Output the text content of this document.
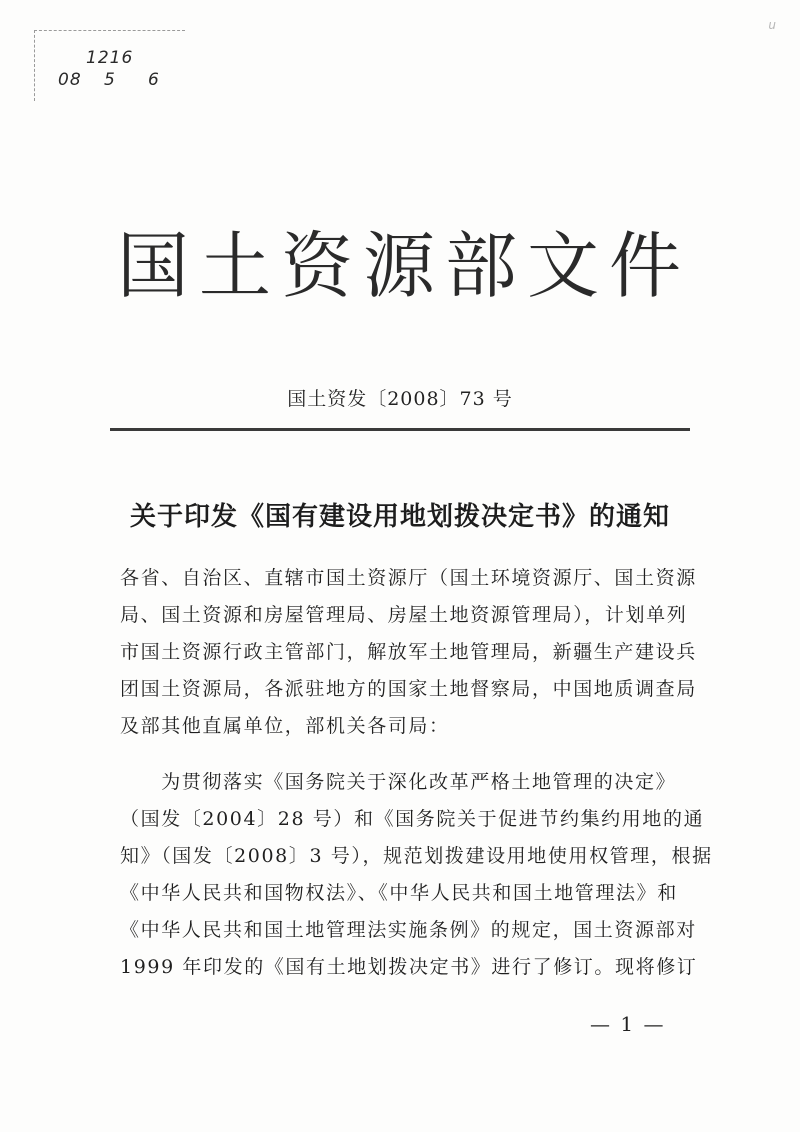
1216
08 5 6
u
国土资源部文件
国土资发〔2008〕73 号
关于印发《国有建设用地划拨决定书》的通知
各省、自治区、直辖市国土资源厅（国土环境资源厅、国土资源
局、国土资源和房屋管理局、房屋土地资源管理局），计划单列
市国土资源行政主管部门，解放军土地管理局，新疆生产建设兵
团国土资源局，各派驻地方的国家土地督察局，中国地质调查局
及部其他直属单位，部机关各司局：
　　为贯彻落实《国务院关于深化改革严格土地管理的决定》
（国发〔2004〕28 号）和《国务院关于促进节约集约用地的通
知》（国发〔2008〕3 号），规范划拨建设用地使用权管理，根据
《中华人民共和国物权法》、《中华人民共和国土地管理法》和
《中华人民共和国土地管理法实施条例》的规定，国土资源部对
1999 年印发的《国有土地划拨决定书》进行了修订。现将修订
— 1 —
